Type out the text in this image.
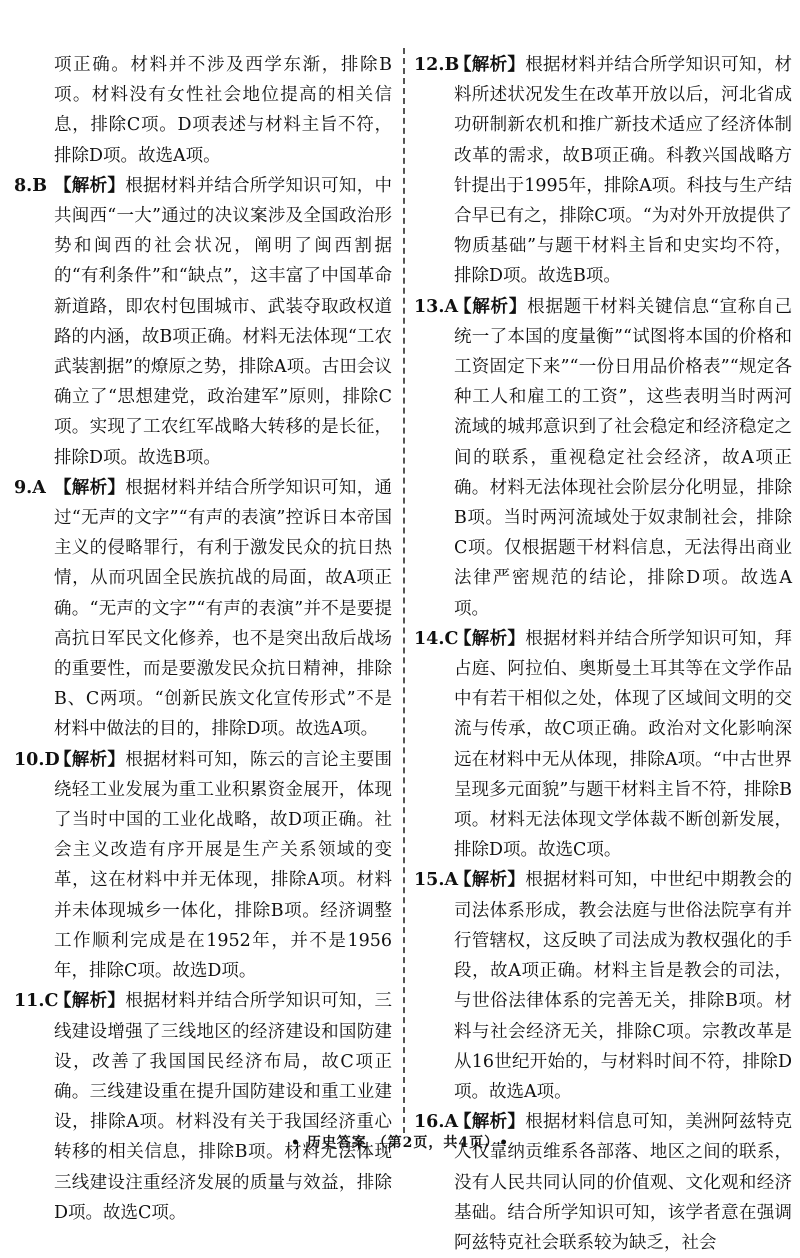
项正确。材料并不涉及西学东渐，排除B项。材料没有女性社会地位提高的相关信息，排除C项。D项表述与材料主旨不符，排除D项。故选A项。
8.B 【解析】根据材料并结合所学知识可知，中共闽西“一大”通过的决议案涉及全国政治形势和闽西的社会状况，阐明了闽西割据的“有利条件”和“缺点”，这丰富了中国革命新道路，即农村包围城市、武装夺取政权道路的内涵，故B项正确。材料无法体现“工农武装割据”的燎原之势，排除A项。古田会议确立了“思想建党，政治建军”原则，排除C项。实现了工农红军战略大转移的是长征，排除D项。故选B项。
9.A 【解析】根据材料并结合所学知识可知，通过“无声的文字”“有声的表演”控诉日本帝国主义的侵略罪行，有利于激发民众的抗日热情，从而巩固全民族抗战的局面，故A项正确。“无声的文字”“有声的表演”并不是要提高抗日军民文化修养，也不是突出敌后战场的重要性，而是要激发民众抗日精神，排除B、C两项。“创新民族文化宣传形式”不是材料中做法的目的，排除D项。故选A项。
10.D
【解析】根据材料可知，陈云的言论主要围绕轻工业发展为重工业积累资金展开，体现了当时中国的工业化战略，故D项正确。社会主义改造有序开展是生产关系领域的变革，这在材料中并无体现，排除A项。材料并未体现城乡一体化，排除B项。经济调整工作顺利完成是在1952年，并不是1956年，排除C项。故选D项。
11.C
【解析】根据材料并结合所学知识可知，三线建设增强了三线地区的经济建设和国防建设，改善了我国国民经济布局，故C项正确。三线建设重在提升国防建设和重工业建设，排除A项。材料没有关于我国经济重心转移的相关信息，排除B项。材料无法体现三线建设注重经济发展的质量与效益，排除D项。故选C项。
12.B
【解析】根据材料并结合所学知识可知，材料所述状况发生在改革开放以后，河北省成功研制新农机和推广新技术适应了经济体制改革的需求，故B项正确。科教兴国战略方针提出于1995年，排除A项。科技与生产结合早已有之，排除C项。“为对外开放提供了物质基础”与题干材料主旨和史实均不符，排除D项。故选B项。
13.A
【解析】根据题干材料关键信息“宣称自己统一了本国的度量衡”“试图将本国的价格和工资固定下来”“一份日用品价格表”“规定各种工人和雇工的工资”，这些表明当时两河流域的城邦意识到了社会稳定和经济稳定之间的联系，重视稳定社会经济，故A项正确。材料无法体现社会阶层分化明显，排除B项。当时两河流域处于奴隶制社会，排除C项。仅根据题干材料信息，无法得出商业法律严密规范的结论，排除D项。故选A项。
14.C
【解析】根据材料并结合所学知识可知，拜占庭、阿拉伯、奥斯曼土耳其等在文学作品中有若干相似之处，体现了区域间文明的交流与传承，故C项正确。政治对文化影响深远在材料中无从体现，排除A项。“中古世界呈现多元面貌”与题干材料主旨不符，排除B项。材料无法体现文学体裁不断创新发展，排除D项。故选C项。
15.A
【解析】根据材料可知，中世纪中期教会的司法体系形成，教会法庭与世俗法院享有并行管辖权，这反映了司法成为教权强化的手段，故A项正确。材料主旨是教会的司法，与世俗法律体系的完善无关，排除B项。材料与社会经济无关，排除C项。宗教改革是从16世纪开始的，与材料时间不符，排除D项。故选A项。
16.A
【解析】根据材料信息可知，美洲阿兹特克人仅靠纳贡维系各部落、地区之间的联系，没有人民共同认同的价值观、文化观和经济基础。结合所学知识可知，该学者意在强调阿兹特克社会联系较为缺乏，社会
• 历史答案 （第2页，共4页）•
